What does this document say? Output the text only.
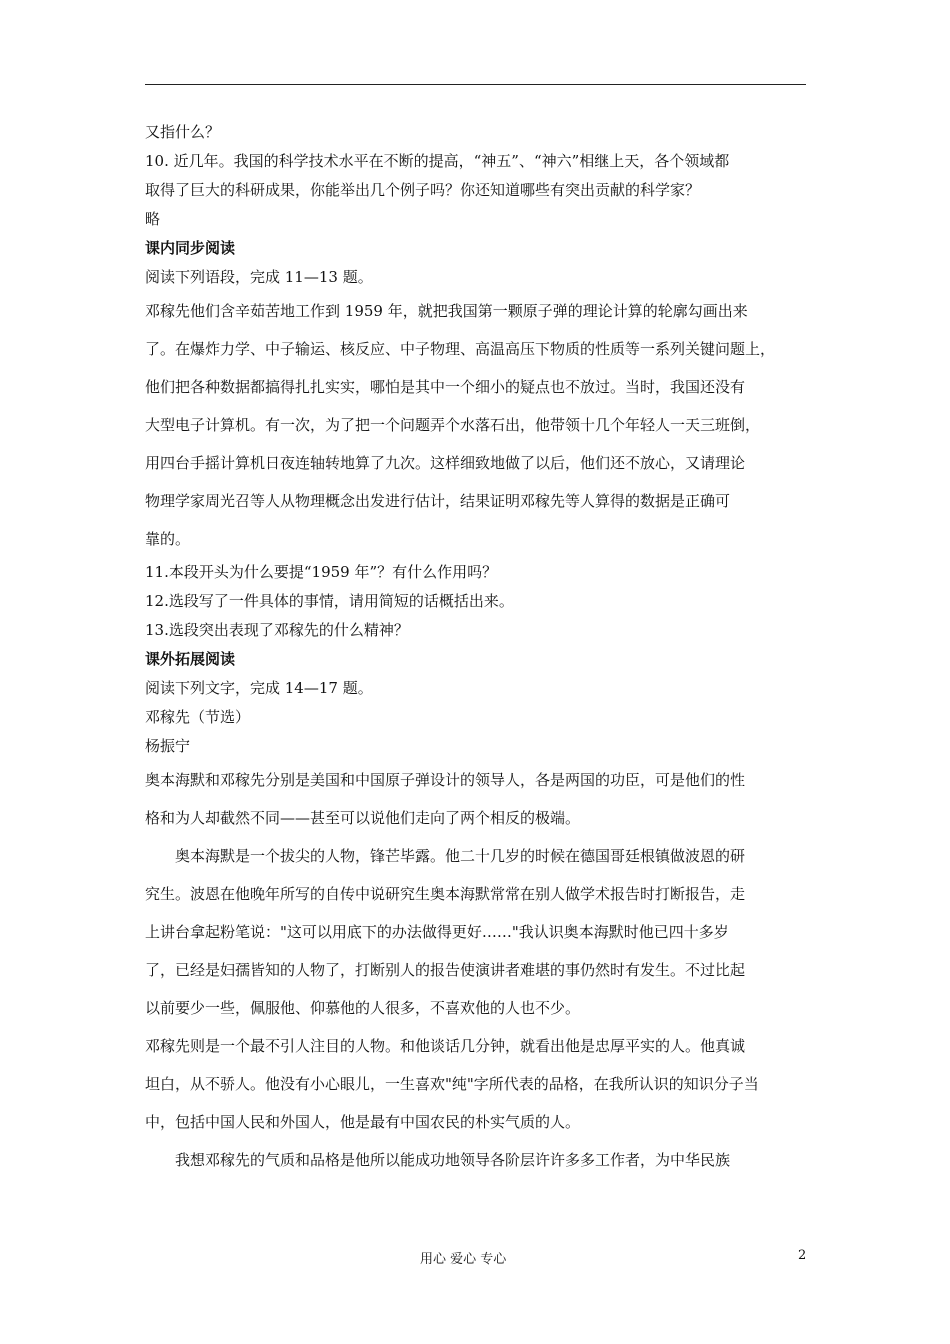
又指什么？

10. 近几年。我国的科学技术水平在不断的提高，“神五”、“神六”相继上天，各个领域都

取得了巨大的科研成果，你能举出几个例子吗？你还知道哪些有突出贡献的科学家？

略

课内同步阅读

阅读下列语段，完成 11—13 题。

邓稼先他们含辛茹苦地工作到 1959 年，就把我国第一颗原子弹的理论计算的轮廓勾画出来

了。在爆炸力学、中子输运、核反应、中子物理、高温高压下物质的性质等一系列关键问题上，

他们把各种数据都搞得扎扎实实，哪怕是其中一个细小的疑点也不放过。当时，我国还没有

大型电子计算机。有一次，为了把一个问题弄个水落石出，他带领十几个年轻人一天三班倒，

用四台手摇计算机日夜连轴转地算了九次。这样细致地做了以后，他们还不放心，又请理论

物理学家周光召等人从物理概念出发进行估计，结果证明邓稼先等人算得的数据是正确可

靠的。

11.本段开头为什么要提“1959 年”？有什么作用吗？

12.选段写了一件具体的事情，请用简短的话概括出来。

13.选段突出表现了邓稼先的什么精神？

课外拓展阅读

阅读下列文字，完成 14—17 题。

邓稼先（节选）

杨振宁

奥本海默和邓稼先分别是美国和中国原子弹设计的领导人，各是两国的功臣，可是他们的性

格和为人却截然不同——甚至可以说他们走向了两个相反的极端。

奥本海默是一个拔尖的人物，锋芒毕露。他二十几岁的时候在德国哥廷根镇做波恩的研

究生。波恩在他晚年所写的自传中说研究生奥本海默常常在别人做学术报告时打断报告，走

上讲台拿起粉笔说："这可以用底下的办法做得更好……"我认识奥本海默时他已四十多岁

了，已经是妇孺皆知的人物了，打断别人的报告使演讲者难堪的事仍然时有发生。不过比起

以前要少一些，佩服他、仰慕他的人很多，不喜欢他的人也不少。

邓稼先则是一个最不引人注目的人物。和他谈话几分钟，就看出他是忠厚平实的人。他真诚

坦白，从不骄人。他没有小心眼儿，一生喜欢"纯"字所代表的品格，在我所认识的知识分子当

中，包括中国人民和外国人，他是最有中国农民的朴实气质的人。

我想邓稼先的气质和品格是他所以能成功地领导各阶层许许多多工作者，为中华民族

用心 爱心 专心	2
